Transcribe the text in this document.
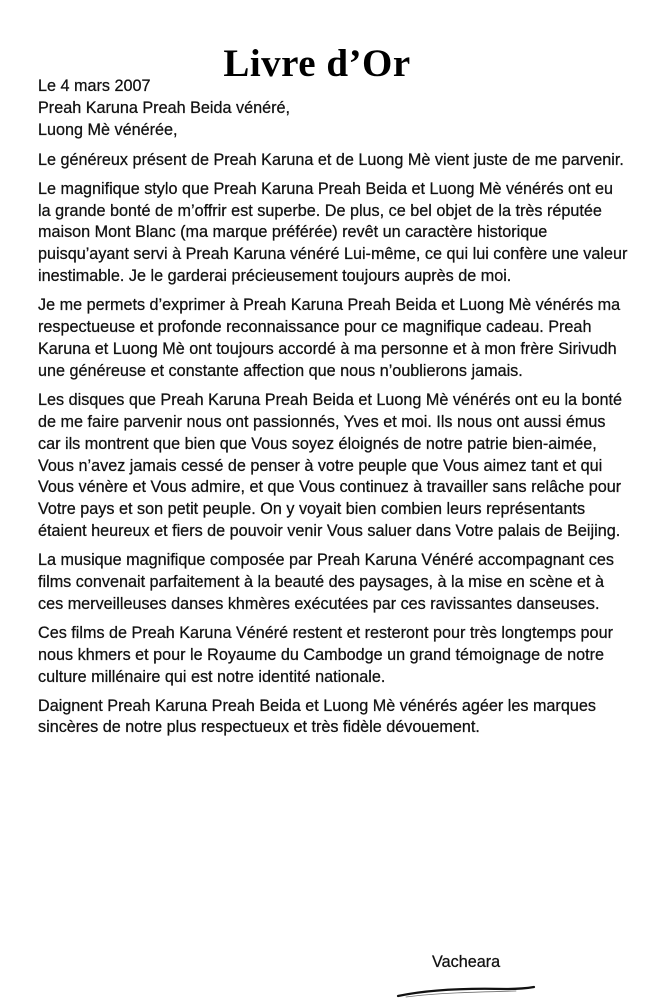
Livre d’Or

Le 4 mars 2007

Preah Karuna Preah Beida vénéré,

Luong Mè vénérée,

Le généreux présent de Preah Karuna et de Luong Mè vient juste de me parvenir.

Le magnifique stylo que Preah Karuna Preah Beida et Luong Mè vénérés ont eu la grande bonté de m’offrir est superbe. De plus, ce bel objet de la très réputée maison Mont Blanc (ma marque préférée) revêt un caractère historique puisqu’ayant servi à Preah Karuna vénéré Lui-même, ce qui lui confère une valeur inestimable. Je le garderai précieusement toujours auprès de moi.

Je me permets d’exprimer à Preah Karuna Preah Beida et Luong Mè vénérés ma respectueuse et profonde reconnaissance pour ce magnifique cadeau. Preah Karuna et Luong Mè ont toujours accordé à ma personne et à mon frère Sirivudh une généreuse et constante affection que nous n’oublierons jamais.

Les disques que Preah Karuna Preah Beida et Luong Mè vénérés ont eu la bonté de me faire parvenir nous ont passionnés, Yves et moi. Ils nous ont aussi émus car ils montrent que bien que Vous soyez éloignés de notre patrie bien-aimée, Vous n’avez jamais cessé de penser à votre peuple que Vous aimez tant et qui Vous vénère et Vous admire, et que Vous continuez à travailler sans relâche pour Votre pays et son petit peuple. On y voyait bien combien leurs représentants étaient heureux et fiers de pouvoir venir Vous saluer dans Votre palais de Beijing.

La musique magnifique composée par Preah Karuna Vénéré accompagnant ces films convenait parfaitement à la beauté des paysages, à la mise en scène et à ces merveilleuses danses khmères exécutées par ces ravissantes danseuses.

Ces films de Preah Karuna Vénéré restent et resteront pour très longtemps pour nous khmers et pour le Royaume du Cambodge un grand témoignage de notre culture millénaire qui est notre identité nationale.

Daignent Preah Karuna Preah Beida et Luong Mè vénérés agéer les marques sincères de notre plus respectueux et très fidèle dévouement.

Vacheara
